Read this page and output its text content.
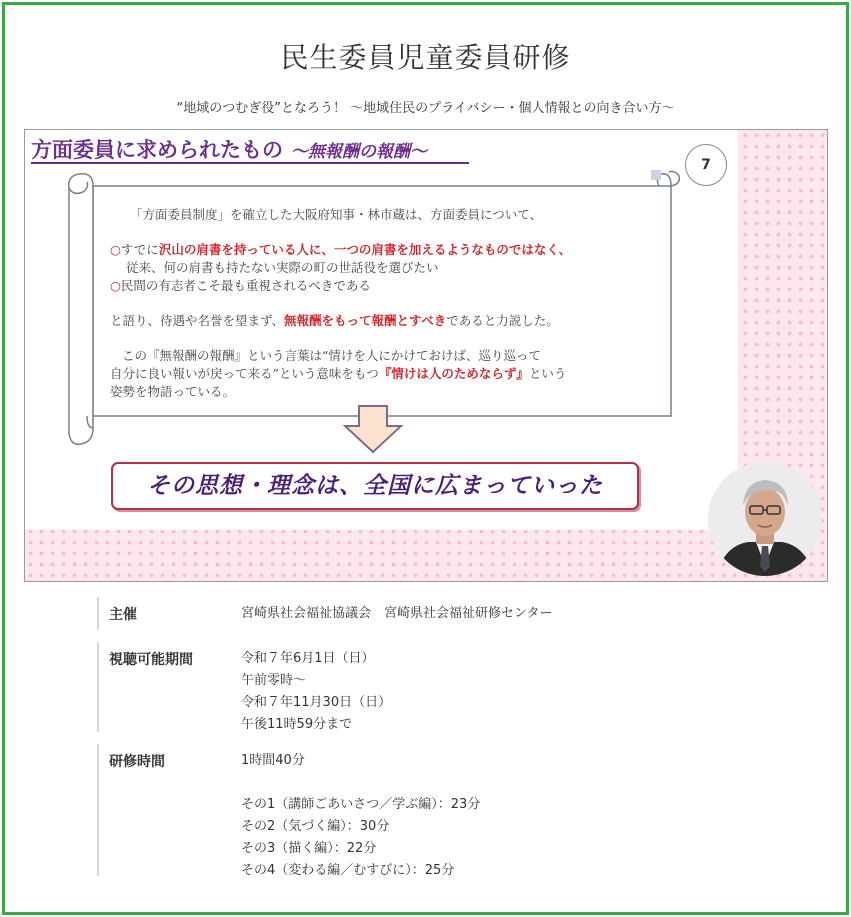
民生委員児童委員研修
“地域のつむぎ役”となろう！ ～地域住民のプライバシー・個人情報との向き合い方～
方面委員に求められたもの ～無報酬の報酬～
7

「方面委員制度」を確立した大阪府知事・林市蔵は、方面委員について、

○すでに沢山の肩書を持っている人に、一つの肩書を加えるようなものではなく、

従来、何の肩書も持たない実際の町の世話役を選びたい

○民間の有志者こそ最も重視されるべきである

と語り、待遇や名誉を望まず、無報酬をもって報酬とすべきであると力説した。

この『無報酬の報酬』という言葉は“情けを人にかけておけば、巡り巡って

自分に良い報いが戻って来る”という意味をもつ『情けは人のためならず』という

姿勢を物語っている。

その思想・理念は、全国に広まっていった
主催	宮崎県社会福祉協議会　宮崎県社会福祉研修センター
視聴可能期間	令和７年6月1日（日）
午前零時～
令和７年11月30日（日）
午後11時59分まで
研修時間	1時間40分
その1（講師ごあいさつ／学ぶ編）：23分
その2（気づく編）：30分
その3（描く編）：22分
その4（変わる編／むすびに）：25分
